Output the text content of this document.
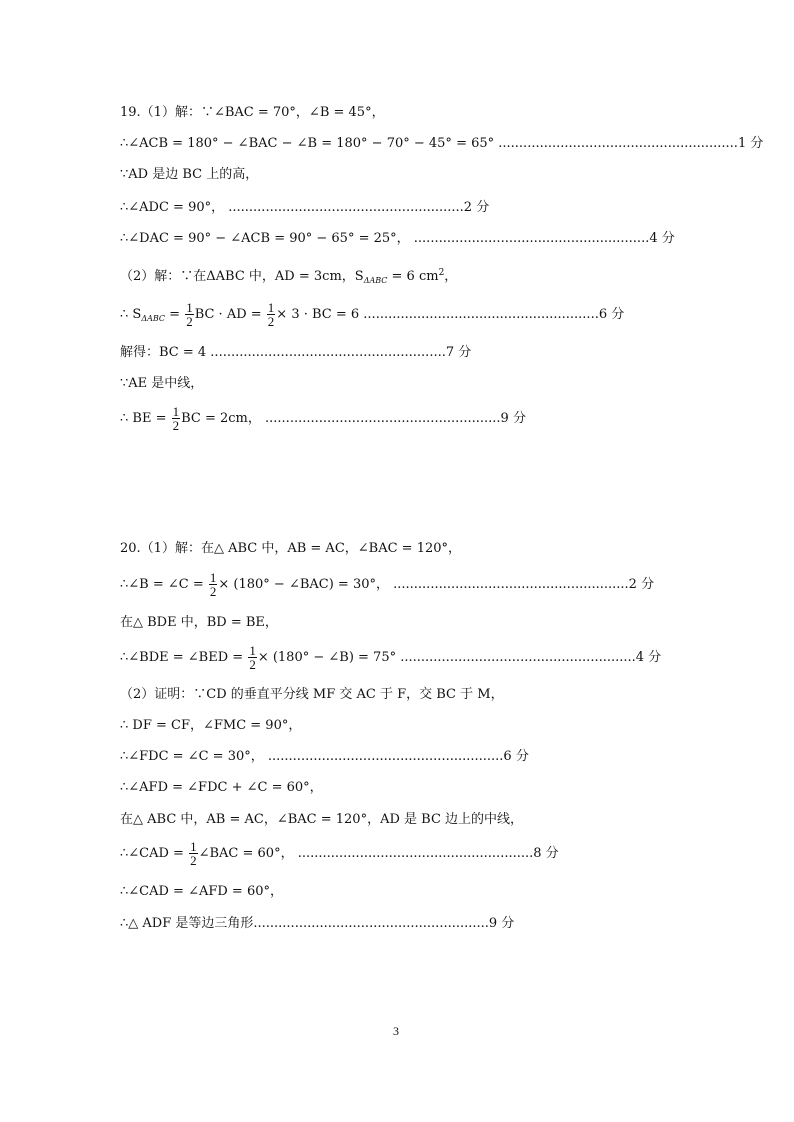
19.（1）解：∵∠BAC = 70°，∠B = 45°，
∴∠ACB = 180° − ∠BAC − ∠B = 180° − 70° − 45° = 65° ..........................................................1 分
∵AD 是边 BC 上的高，
∴∠ADC = 90°， .........................................................2 分
∴∠DAC = 90° − ∠ACB = 90° − 65° = 25°， .........................................................4 分
（2）解：∵在ΔABC 中，AD = 3cm，$S_{\Delta ABC} = 6$ $cm^2$，
∴ $S_{\Delta ABC} = \frac{1}{2}$ BC · AD = $\frac{1}{2} \times 3$ · BC = 6 .........................................................6 分
解得：BC = 4 .........................................................7 分
∵AE 是中线，
∴ BE = $\frac{1}{2}$ BC = 2cm， .........................................................9 分
20.（1）解：在△ ABC 中，AB = AC，∠BAC = 120°，
∴∠B = ∠C = $\frac{1}{2} \times (180^\circ$ − ∠BAC) = 30°， .........................................................2 分
在△ BDE 中，BD = BE，
∴∠BDE = ∠BED = $\frac{1}{2} \times (180^\circ$ − ∠B) = 75° .........................................................4 分
（2）证明：∵CD 的垂直平分线 MF 交 AC 于 F，交 BC 于 M，
∴ DF = CF，∠FMC = 90°，
∴∠FDC = ∠C = 30°， .........................................................6 分
∴∠AFD = ∠FDC + ∠C = 60°，
在△ ABC 中，AB = AC，∠BAC = 120°，AD 是 BC 边上的中线，
∴∠CAD = $\frac{1}{2}$ ∠BAC = 60°， .........................................................8 分
∴∠CAD = ∠AFD = 60°，
∴△ ADF 是等边三角形.........................................................9 分
3
